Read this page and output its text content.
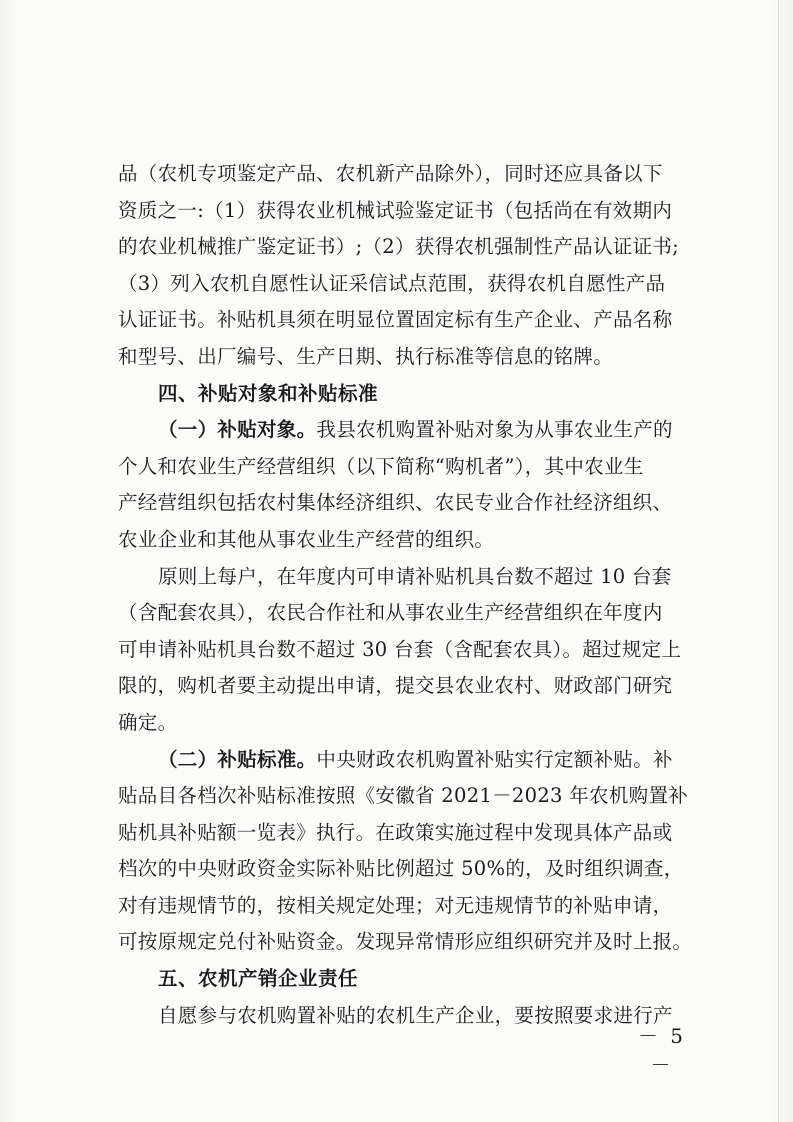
品（农机专项鉴定产品、农机新产品除外），同时还应具备以下
资质之一:（1）获得农业机械试验鉴定证书（包括尚在有效期内
的农业机械推广鉴定证书）;（2）获得农机强制性产品认证证书;
（3）列入农机自愿性认证采信试点范围，获得农机自愿性产品
认证证书。补贴机具须在明显位置固定标有生产企业、产品名称
和型号、出厂编号、生产日期、执行标准等信息的铭牌。
四、补贴对象和补贴标准
（一）补贴对象。我县农机购置补贴对象为从事农业生产的
个人和农业生产经营组织（以下简称“购机者”），其中农业生
产经营组织包括农村集体经济组织、农民专业合作社经济组织、
农业企业和其他从事农业生产经营的组织。
原则上每户，在年度内可申请补贴机具台数不超过 10 台套
（含配套农具），农民合作社和从事农业生产经营组织在年度内
可申请补贴机具台数不超过 30 台套（含配套农具）。超过规定上
限的，购机者要主动提出申请，提交县农业农村、财政部门研究
确定。
（二）补贴标准。中央财政农机购置补贴实行定额补贴。补
贴品目各档次补贴标准按照《安徽省 2021－2023 年农机购置补
贴机具补贴额一览表》执行。在政策实施过程中发现具体产品或
档次的中央财政资金实际补贴比例超过 50%的，及时组织调查，
对有违规情节的，按相关规定处理；对无违规情节的补贴申请，
可按原规定兑付补贴资金。发现异常情形应组织研究并及时上报。
五、农机产销企业责任
自愿参与农机购置补贴的农机生产企业，要按照要求进行产
－ 5 －
